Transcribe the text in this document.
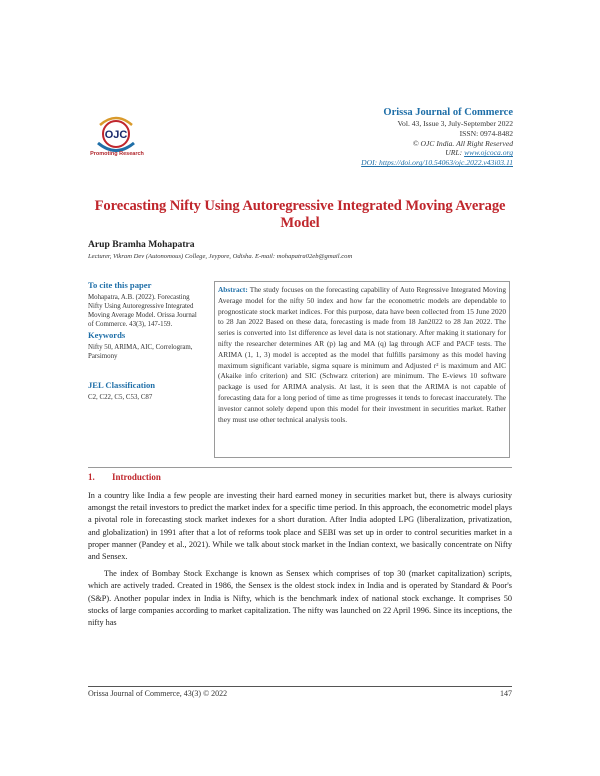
OJC
Promoting Research
Orissa Journal of Commerce
Vol. 43, Issue 3, July-September 2022
ISSN: 0974-8482
© OJC India. All Right Reserved
URL: www.ojcoca.org
DOI: https://doi.org/10.54063/ojc.2022.v43i03.11
Forecasting Nifty Using Autoregressive Integrated Moving Average Model
Arup Bramha Mohapatra
Lecturer, Vikram Dev (Autonomous) College, Jeypore, Odisha. E-mail: mohapatra02eb@gmail.com
To cite this paper

Mohapatra, A.B. (2022). Forecasting Nifty Using Autoregressive Integrated Moving Average Model. Orissa Journal of Commerce. 43(3), 147-159.

Keywords

Nifty 50, ARIMA, AIC, Correlogram, Parsimony

JEL Classification

C2, C22, C5, C53, C87

Abstract: The study focuses on the forecasting capability of Auto Regressive Integrated Moving Average model for the nifty 50 index and how far the econometric models are dependable to prognosticate stock market indices. For this purpose, data have been collected from 15 June 2020 to 28 Jan 2022 Based on these data, forecasting is made from 18 Jan2022 to 28 Jan 2022. The series is converted into 1st difference as level data is not stationary. After making it stationary for nifty the researcher determines AR (p) lag and MA (q) lag through ACF and PACF tests. The ARIMA (1, 1, 3) model is accepted as the model that fulfills parsimony as this model having maximum significant variable, sigma square is minimum and Adjusted r² is maximum and AIC (Akaike info criterion) and SIC (Schwarz criterion) are minimum. The E-views 10 software package is used for ARIMA analysis. At last, it is seen that the ARIMA is not capable of forecasting data for a long period of time as time progresses it tends to forecast inaccurately. The investor cannot solely depend upon this model for their investment in securities market. Rather they must use other technical analysis tools.
1. Introduction

In a country like India a few people are investing their hard earned money in securities market but, there is always curiosity amongst the retail investors to predict the market index for a specific time period. In this approach, the econometric model plays a pivotal role in forecasting stock market indexes for a short duration. After India adopted LPG (liberalization, privatization, and globalization) in 1991 after that a lot of reforms took place and SEBI was set up in order to control securities market in a proper manner (Pandey et al., 2021). While we talk about stock market in the Indian context, we basically concentrate on Nifty and Sensex.

The index of Bombay Stock Exchange is known as Sensex which comprises of top 30 (market capitalization) scripts, which are actively traded. Created in 1986, the Sensex is the oldest stock index in India and is operated by Standard & Poor's (S&P). Another popular index in India is Nifty, which is the benchmark index of national stock exchange. It comprises 50 stocks of large companies according to market capitalization. The nifty was launched on 22 April 1996. Since its inceptions, the nifty has

Orissa Journal of Commerce, 43(3) © 2022	147
